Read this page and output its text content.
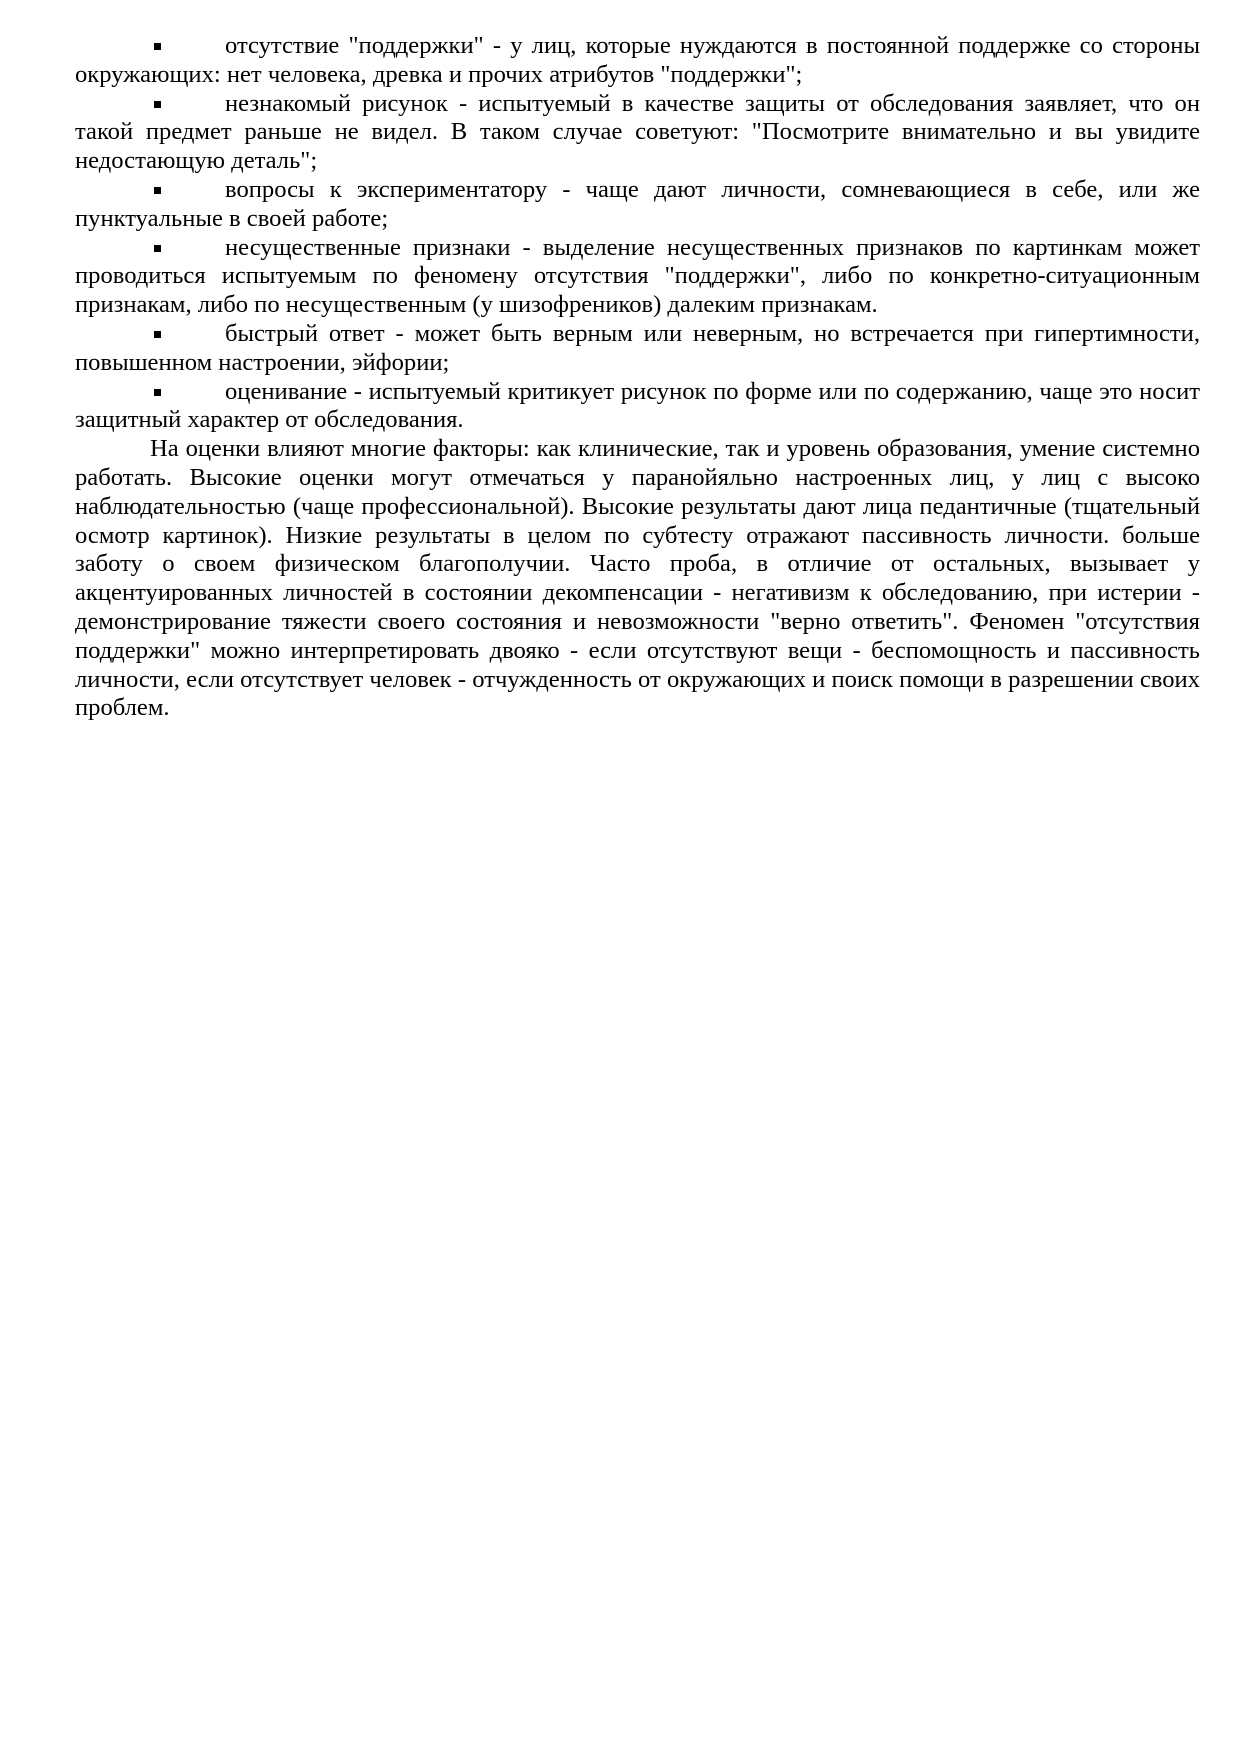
отсутствие "поддержки" - у лиц, которые нуждаются в постоянной поддержке со стороны окружающих: нет человека, древка и прочих атрибутов "поддержки";

незнакомый рисунок - испытуемый в качестве защиты от обследования заявляет, что он такой предмет раньше не видел. В таком случае советуют: "Посмотрите внимательно и вы увидите недостающую деталь";

вопросы к экспериментатору - чаще дают личности, сомневающиеся в себе, или же пунктуальные в своей работе;

несущественные признаки - выделение несущественных признаков по картинкам может проводиться испытуемым по феномену отсутствия "поддержки", либо по конкретно-ситуационным признакам, либо по несущественным (у шизофреников) далеким признакам.

быстрый ответ - может быть верным или неверным, но встречается при гипертимности, повышенном настроении, эйфории;

оценивание - испытуемый критикует рисунок по форме или по содержанию, чаще это носит защитный характер от обследования.

На оценки влияют многие факторы: как клинические, так и уровень образования, умение системно работать. Высокие оценки могут отмечаться у паранойяльно настроенных лиц, у лиц с высоко наблюдательностью (чаще профессиональной). Высокие результаты дают лица педантичные (тщательный осмотр картинок). Низкие результаты в целом по субтесту отражают пассивность личности. больше заботу о своем физическом благополучии. Часто проба, в отличие от остальных, вызывает у акцентуированных личностей в состоянии декомпенсации - негативизм к обследованию, при истерии - демонстрирование тяжести своего состояния и невозможности "верно ответить". Феномен "отсутствия поддержки" можно интерпретировать двояко - если отсутствуют вещи - беспомощность и пассивность личности, если отсутствует человек - отчужденность от окружающих и поиск помощи в разрешении своих проблем.
